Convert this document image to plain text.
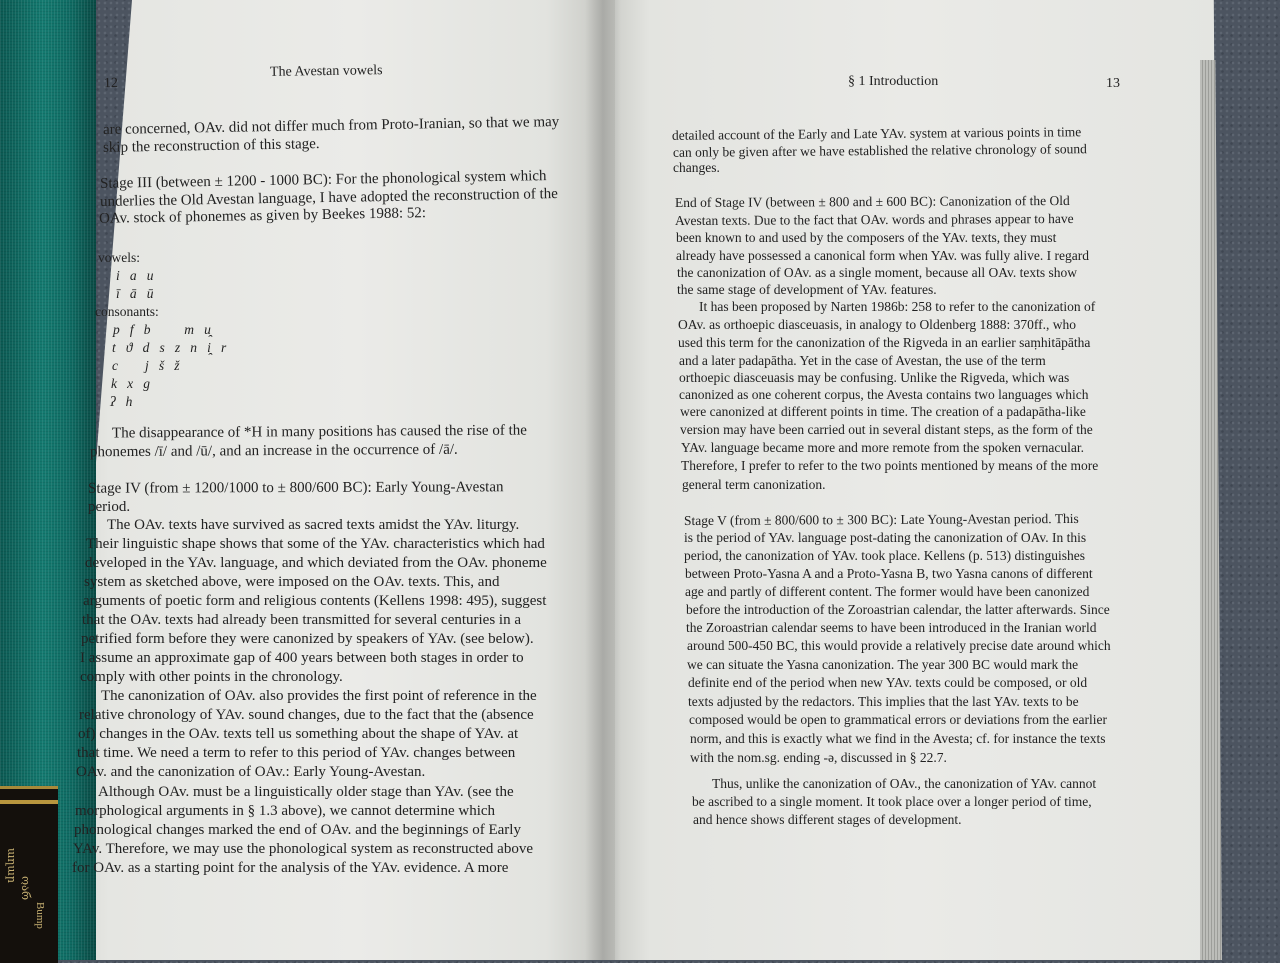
աղար
ოარ
Bump
12
The Avestan vowels
are concerned, OAv. did not differ much from Proto-Iranian, so that we may
skip the reconstruction of this stage.
Stage III (between ± 1200 - 1000 BC): For the phonological system which
underlies the Old Avestan language, I have adopted the reconstruction of the
OAv. stock of phonemes as given by Beekes 1988: 52:
vowels:
i   a   u
ī   ā   ū
consonants:
p   f   b          m   u̯
t   ϑ   d   s   z   n   i̯   r
c        j   š   ž
k   x   g
ʔ   h
The disappearance of *H in many positions has caused the rise of the
phonemes /ī/ and /ū/, and an increase in the occurrence of /ā/.
Stage IV (from ± 1200/1000 to ± 800/600 BC): Early Young-Avestan
period.
The OAv. texts have survived as sacred texts amidst the YAv. liturgy.
Their linguistic shape shows that some of the YAv. characteristics which had
developed in the YAv. language, and which deviated from the OAv. phoneme
system as sketched above, were imposed on the OAv. texts. This, and
arguments of poetic form and religious contents (Kellens 1998: 495), suggest
that the OAv. texts had already been transmitted for several centuries in a
petrified form before they were canonized by speakers of YAv. (see below).
I assume an approximate gap of 400 years between both stages in order to
comply with other points in the chronology.
The canonization of OAv. also provides the first point of reference in the
relative chronology of YAv. sound changes, due to the fact that the (absence
of) changes in the OAv. texts tell us something about the shape of YAv. at
that time. We need a term to refer to this period of YAv. changes between
OAv. and the canonization of OAv.: Early Young-Avestan.
Although OAv. must be a linguistically older stage than YAv. (see the
morphological arguments in § 1.3 above), we cannot determine which
phonological changes marked the end of OAv. and the beginnings of Early
YAv. Therefore, we may use the phonological system as reconstructed above
for OAv. as a starting point for the analysis of the YAv. evidence. A more
§ 1 Introduction	13
detailed account of the Early and Late YAv. system at various points in time
can only be given after we have established the relative chronology of sound
changes.
End of Stage IV (between ± 800 and ± 600 BC): Canonization of the Old
Avestan texts. Due to the fact that OAv. words and phrases appear to have
been known to and used by the composers of the YAv. texts, they must
already have possessed a canonical form when YAv. was fully alive. I regard
the canonization of OAv. as a single moment, because all OAv. texts show
the same stage of development of YAv. features.
It has been proposed by Narten 1986b: 258 to refer to the canonization of
OAv. as orthoepic diasceuasis, in analogy to Oldenberg 1888: 370ff., who
used this term for the canonization of the Rigveda in an earlier saṃhitāpātha
and a later padapātha. Yet in the case of Avestan, the use of the term
orthoepic diasceuasis may be confusing. Unlike the Rigveda, which was
canonized as one coherent corpus, the Avesta contains two languages which
were canonized at different points in time. The creation of a padapātha-like
version may have been carried out in several distant steps, as the form of the
YAv. language became more and more remote from the spoken vernacular.
Therefore, I prefer to refer to the two points mentioned by means of the more
general term canonization.
Stage V (from ± 800/600 to ± 300 BC): Late Young-Avestan period. This
is the period of YAv. language post-dating the canonization of OAv. In this
period, the canonization of YAv. took place. Kellens (p. 513) distinguishes
between Proto-Yasna A and a Proto-Yasna B, two Yasna canons of different
age and partly of different content. The former would have been canonized
before the introduction of the Zoroastrian calendar, the latter afterwards. Since
the Zoroastrian calendar seems to have been introduced in the Iranian world
around 500-450 BC, this would provide a relatively precise date around which
we can situate the Yasna canonization. The year 300 BC would mark the
definite end of the period when new YAv. texts could be composed, or old
texts adjusted by the redactors. This implies that the last YAv. texts to be
composed would be open to grammatical errors or deviations from the earlier
norm, and this is exactly what we find in the Avesta; cf. for instance the texts
with the nom.sg. ending -ə, discussed in § 22.7.
Thus, unlike the canonization of OAv., the canonization of YAv. cannot
be ascribed to a single moment. It took place over a longer period of time,
and hence shows different stages of development.
